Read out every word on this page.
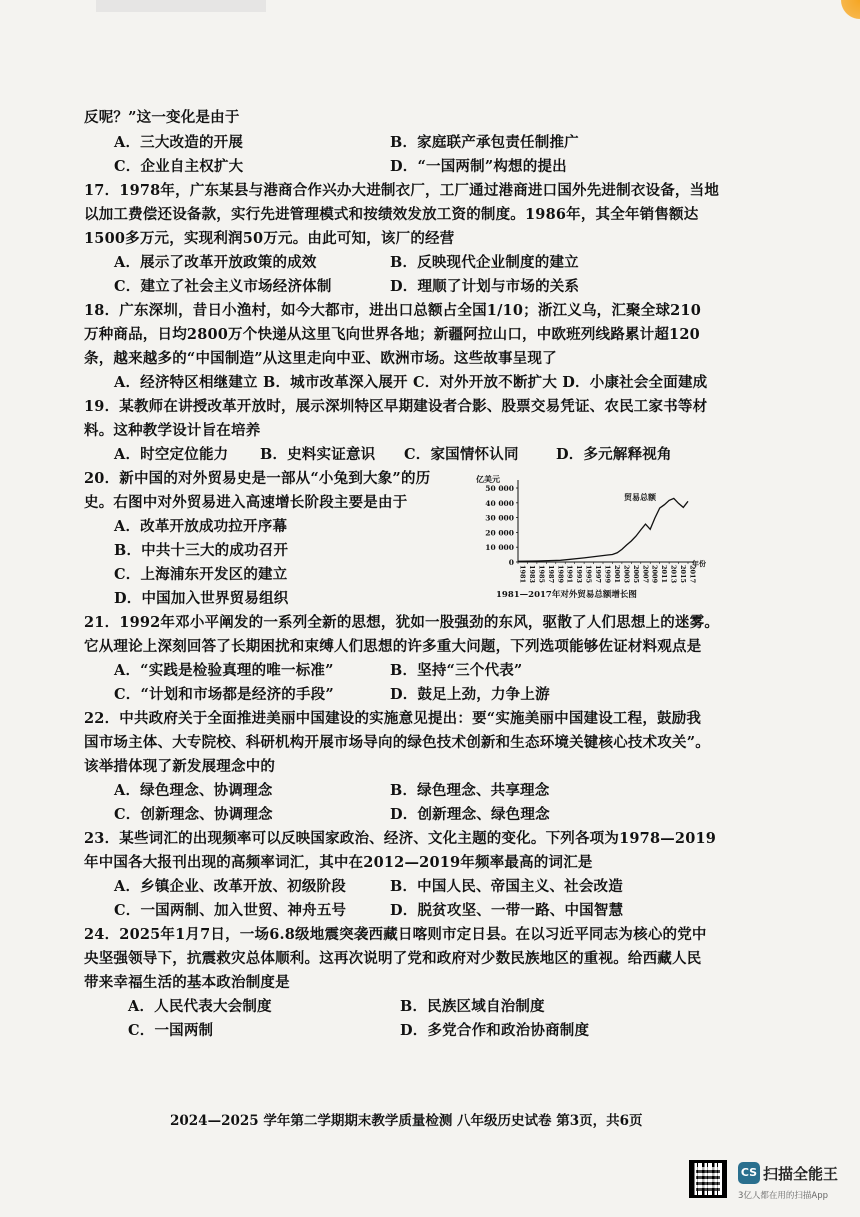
反呢？”这一变化是由于
A．三大改造的开展	B．家庭联产承包责任制推广
C．企业自主权扩大	D．“一国两制”构想的提出
17．1978年，广东某县与港商合作兴办大进制衣厂，工厂通过港商进口国外先进制衣设备，当地
以加工费偿还设备款，实行先进管理模式和按绩效发放工资的制度。1986年，其全年销售额达
1500多万元，实现利润50万元。由此可知，该厂的经营
A．展示了改革开放政策的成效	B．反映现代企业制度的建立
C．建立了社会主义市场经济体制	D．理顺了计划与市场的关系
18．广东深圳，昔日小渔村，如今大都市，进出口总额占全国1/10；浙江义乌，汇聚全球210
万种商品，日均2800万个快递从这里飞向世界各地；新疆阿拉山口，中欧班列线路累计超120
条，越来越多的“中国制造”从这里走向中亚、欧洲市场。这些故事呈现了
A．经济特区相继建立 B．城市改革深入展开 C．对外开放不断扩大 D．小康社会全面建成
19．某教师在讲授改革开放时，展示深圳特区早期建设者合影、股票交易凭证、农民工家书等材
料。这种教学设计旨在培养
A．时空定位能力 B．史料实证意识 C．家国情怀认同	D．多元解释视角
20．新中国的对外贸易史是一部从“小兔到大象”的历
史。右图中对外贸易进入高速增长阶段主要是由于
A．改革开放成功拉开序幕
B．中共十三大的成功召开
C．上海浦东开发区的建立
D．中国加入世界贸易组织
亿美元
50 000
40 000
30 000
20 000
10 000
0
1981 1983 1985 1987 1989 1991 1993 1995 1997 1999 2001 2003 2005 2007 2009 2011 2013 2015 2017
年份
贸易总额
1981—2017年对外贸易总额增长图
21．1992年邓小平阐发的一系列全新的思想，犹如一股强劲的东风，驱散了人们思想上的迷雾。
它从理论上深刻回答了长期困扰和束缚人们思想的许多重大问题，下列选项能够佐证材料观点是
A．“实践是检验真理的唯一标准”	B．坚持“三个代表”
C．“计划和市场都是经济的手段”	D．鼓足上劲，力争上游
22．中共政府关于全面推进美丽中国建设的实施意见提出：要“实施美丽中国建设工程，鼓励我
国市场主体、大专院校、科研机构开展市场导向的绿色技术创新和生态环境关键核心技术攻关”。
该举措体现了新发展理念中的
A．绿色理念、协调理念	B．绿色理念、共享理念
C．创新理念、协调理念	D．创新理念、绿色理念
23．某些词汇的出现频率可以反映国家政治、经济、文化主题的变化。下列各项为1978—2019
年中国各大报刊出现的高频率词汇，其中在2012—2019年频率最高的词汇是
A．乡镇企业、改革开放、初级阶段	B．中国人民、帝国主义、社会改造
C．一国两制、加入世贸、神舟五号	D．脱贫攻坚、一带一路、中国智慧
24．2025年1月7日，一场6.8级地震突袭西藏日喀则市定日县。在以习近平同志为核心的党中
央坚强领导下，抗震救灾总体顺利。这再次说明了党和政府对少数民族地区的重视。给西藏人民
带来幸福生活的基本政治制度是
A．人民代表大会制度	B．民族区域自治制度
C．一国两制	D．多党合作和政治协商制度
2024—2025 学年第二学期期末教学质量检测 八年级历史试卷 第3页，共6页
CS 扫描全能王
3亿人都在用的扫描App
